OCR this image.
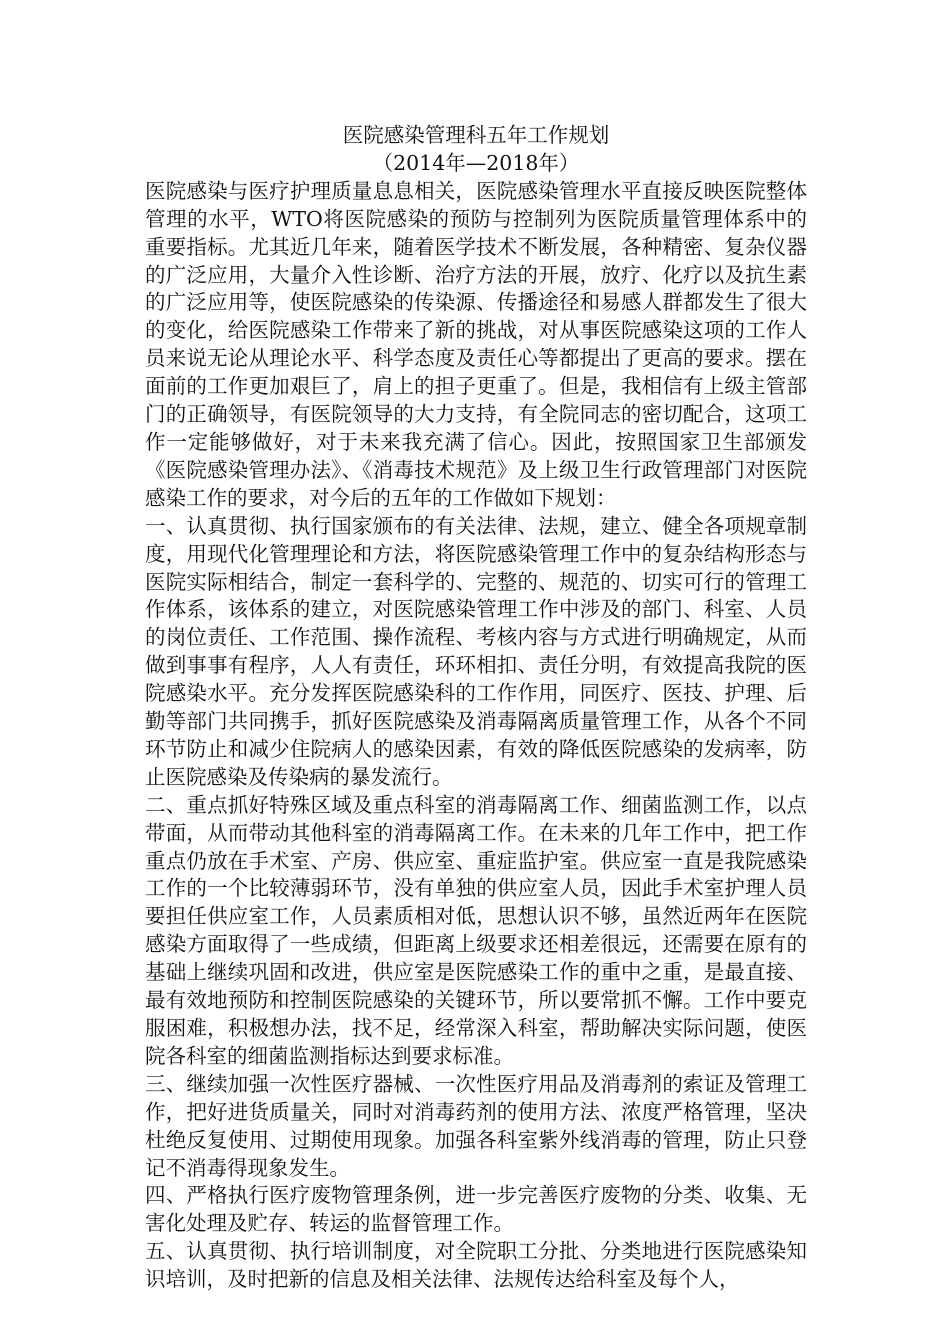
医院感染管理科五年工作规划

（2014年—2018年）

医院感染与医疗护理质量息息相关，医院感染管理水平直接反映医院整体管理的水平，WTO将医院感染的预防与控制列为医院质量管理体系中的重要指标。尤其近几年来，随着医学技术不断发展，各种精密、复杂仪器的广泛应用，大量介入性诊断、治疗方法的开展，放疗、化疗以及抗生素的广泛应用等，使医院感染的传染源、传播途径和易感人群都发生了很大的变化，给医院感染工作带来了新的挑战，对从事医院感染这项的工作人员来说无论从理论水平、科学态度及责任心等都提出了更高的要求。摆在面前的工作更加艰巨了，肩上的担子更重了。但是，我相信有上级主管部门的正确领导，有医院领导的大力支持，有全院同志的密切配合，这项工作一定能够做好，对于未来我充满了信心。因此，按照国家卫生部颁发《医院感染管理办法》、《消毒技术规范》及上级卫生行政管理部门对医院感染工作的要求，对今后的五年的工作做如下规划：

一、认真贯彻、执行国家颁布的有关法律、法规，建立、健全各项规章制度，用现代化管理理论和方法，将医院感染管理工作中的复杂结构形态与医院实际相结合，制定一套科学的、完整的、规范的、切实可行的管理工作体系，该体系的建立，对医院感染管理工作中涉及的部门、科室、人员的岗位责任、工作范围、操作流程、考核内容与方式进行明确规定，从而做到事事有程序，人人有责任，环环相扣、责任分明，有效提高我院的医院感染水平。充分发挥医院感染科的工作作用，同医疗、医技、护理、后勤等部门共同携手，抓好医院感染及消毒隔离质量管理工作，从各个不同环节防止和减少住院病人的感染因素，有效的降低医院感染的发病率，防止医院感染及传染病的暴发流行。

二、重点抓好特殊区域及重点科室的消毒隔离工作、细菌监测工作，以点带面，从而带动其他科室的消毒隔离工作。在未来的几年工作中，把工作重点仍放在手术室、产房、供应室、重症监护室。供应室一直是我院感染工作的一个比较薄弱环节，没有单独的供应室人员，因此手术室护理人员要担任供应室工作，人员素质相对低，思想认识不够，虽然近两年在医院感染方面取得了一些成绩，但距离上级要求还相差很远，还需要在原有的基础上继续巩固和改进，供应室是医院感染工作的重中之重，是最直接、最有效地预防和控制医院感染的关键环节，所以要常抓不懈。工作中要克服困难，积极想办法，找不足，经常深入科室，帮助解决实际问题，使医院各科室的细菌监测指标达到要求标准。

三、继续加强一次性医疗器械、一次性医疗用品及消毒剂的索证及管理工作，把好进货质量关，同时对消毒药剂的使用方法、浓度严格管理，坚决杜绝反复使用、过期使用现象。加强各科室紫外线消毒的管理，防止只登记不消毒得现象发生。

四、严格执行医疗废物管理条例，进一步完善医疗废物的分类、收集、无害化处理及贮存、转运的监督管理工作。

五、认真贯彻、执行培训制度，对全院职工分批、分类地进行医院感染知识培训，及时把新的信息及相关法律、法规传达给科室及每个人，
